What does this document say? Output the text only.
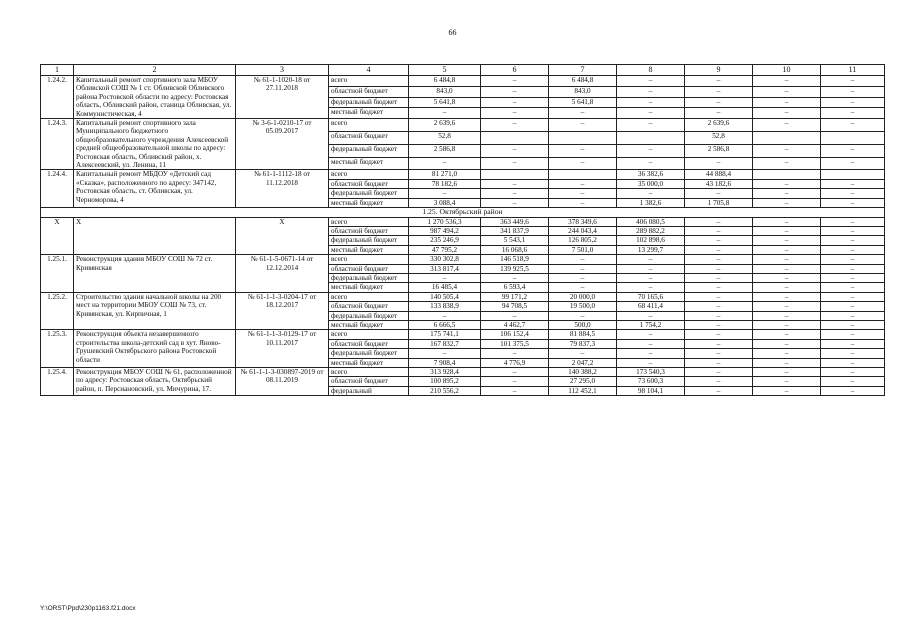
66
1	2	3	4	5	6	7	8	9	10	11
1.24.2.	Капитальный ремонт спортивного зала МБОУ Обливской СОШ № 1 ст. Обливской Обливского района Ростовской области по адресу: Ростовская область, Обливский район, станица Обливская, ул. Коммунистическая, 4	№ 61-1-1020-18 от 27.11.2018	всего	6 484,8	–	6 484,8	–	–	–	–
			областной бюджет	843,0	–	843,0	–	–	–	–
			федеральный бюджет	5 641,8	–	5 641,8	–	–	–	–
			местный бюджет	–	–	–	–	–	–	–
1.24.3.	Капитальный ремонт спортивного зала Муниципального бюджетного общеобразовательного учреждения Алексеевской средней общеобразовательной школы по адресу: Ростовская область, Обливский район, х. Алексеевский, ул. Ленина, 11	№ 3-6-1-0210-17 от 05.09.2017	всего	2 639,6	–	–	–	2 639,6	–	–
			областной бюджет	52,8				52,8		
			федеральный бюджет	2 586,8	–	–	–	2 586,8	–	–
			местный бюджет	–	–	–	–	–	–	–
1.24.4.	Капитальный ремонт МБДОУ «Детский сад «Сказка», расположенного по адресу: 347142, Ростовская область, ст. Обливская, ул. Черноморова, 4	№ 61-1-1112-18 от 11.12.2018	всего	81 271,0			36 382,6	44 888,4		
			областной бюджет	78 182,6	–	–	35 000,0	43 182,6	–	–
			федеральный бюджет	–	–	–	–	–	–	–
			местный бюджет	3 088,4	–	–	1 382,6	1 705,8	–	–
1.25. Октябрьский район										
Х	Х	Х	всего	1 270 536,3	363 449,6	378 349,6	406 080,5	–	–	–
			областной бюджет	987 494,2	341 837,9	244 043,4	289 882,2	–	–	–
			федеральный бюджет	235 246,9	5 543,1	126 805,2	102 898,6	–	–	–
			местный бюджет	47 795,2	16 068,6	7 501,0	13 299,7	–	–	–
1.25.1.	Реконструкция здания МБОУ СОШ № 72 ст. Кривянская	№ 61-1-5-0671-14 от 12.12.2014	всего	330 302,8	146 518,9	–	–	–	–	–
			областной бюджет	313 817,4	139 925,5	–	–	–	–	–
			федеральный бюджет	–	–	–	–	–	–	–
			местный бюджет	16 485,4	6 593,4	–	–	–	–	–
1.25.2.	Строительство здания начальной школы на 200 мест на территории МБОУ СОШ № 73, ст. Кривянская, ул. Кирпичная, 1	№ 61-1-1-3-0204-17 от 18.12.2017	всего	140 505,4	99 171,2	20 000,0	70 165,6	–	–	–
			областной бюджет	133 838,9	94 708,5	19 500,0	68 411,4	–	–	–
			федеральный бюджет	–	–	–	–	–	–	–
			местный бюджет	6 666,5	4 462,7	500,0	1 754,2	–	–	–
1.25.3.	Реконструкция объекта незавершенного строительства школа-детский сад в хут. Яново-Грушевский Октябрьского района Ростовской области	№ 61-1-1-3-0129-17 от 10.11.2017	всего	175 741,1	106 152,4	81 884,5	–	–	–	–
			областной бюджет	167 832,7	101 375,5	79 837,3	–	–	–	–
			федеральный бюджет	–	–	–	–	–	–	–
			местный бюджет	7 908,4	4 776,9	2 047,2	–	–	–	–
1.25.4.	Реконструкция МБОУ СОШ № 61, расположенной по адресу: Ростовская область, Октябрьский район, п. Персиановский, ул. Мичурина, 17.	№ 61-1-1-3-030897-2019 от 08.11.2019	всего	313 928,4	–	140 388,2	173 540,3	–	–	–
			областной бюджет	100 895,2	–	27 295,0	73 600,3	–	–	–
			федеральный	210 556,2	–	112 452,1	98 104,1	–	–	–
Y:\ORST\Ppd\230p1163.f21.docx
